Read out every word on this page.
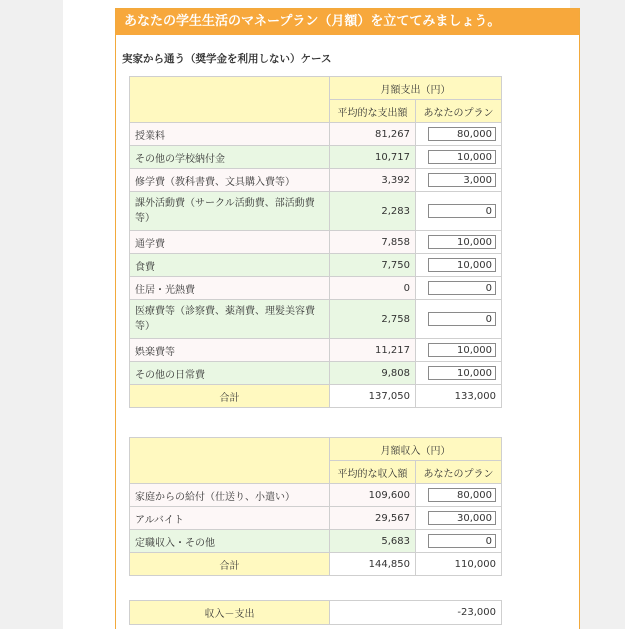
あなたの学生生活のマネープラン（月額）を立ててみましょう。
実家から通う（奨学金を利用しない）ケース
	月額支出（円）	
	平均的な支出額	あなたのプラン
授業料	81,267	80,000
その他の学校納付金	10,717	10,000
修学費（教科書費、文具購入費等）	3,392	3,000
課外活動費（サークル活動費、部活動費等）	2,283	0
通学費	7,858	10,000
食費	7,750	10,000
住居・光熱費	0	0
医療費等（診察費、薬剤費、理髪美容費等）	2,758	0
娯楽費等	11,217	10,000
その他の日常費	9,808	10,000
合計	137,050	133,000
	月額収入（円）	
	平均的な収入額	あなたのプラン
家庭からの給付（仕送り、小遣い）	109,600	80,000
アルバイト	29,567	30,000
定職収入・その他	5,683	0
合計	144,850	110,000
収入－支出	-23,000
